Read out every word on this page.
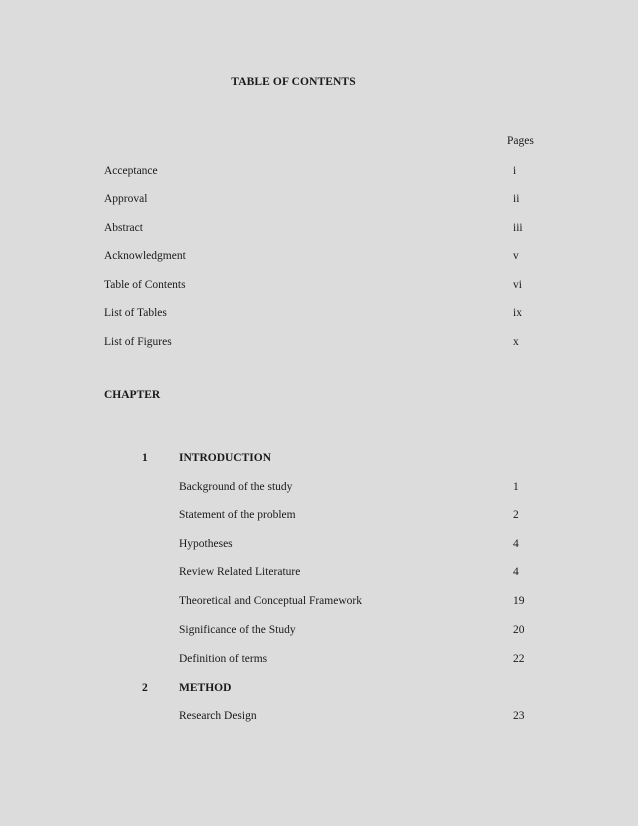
TABLE OF CONTENTS
Pages
Acceptance	i
Approval	ii
Abstract	iii
Acknowledgment	v
Table of Contents	vi
List of Tables	ix
List of Figures	x
CHAPTER
1	INTRODUCTION
Background of the study	1
Statement of the problem	2
Hypotheses	4
Review Related Literature	4
Theoretical and Conceptual Framework	19
Significance of the Study	20
Definition of terms	22
2	METHOD
Research Design	23
